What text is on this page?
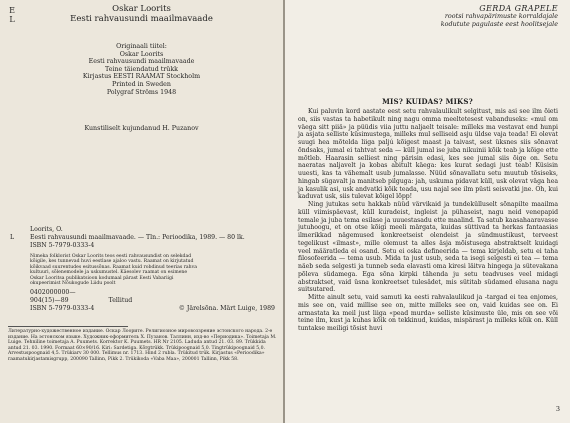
E
L
Oskar Loorits
Eesti rahvausundi maailmavaade
Originaali tiitel:
Oskar Loorits
Eesti rahvausundi maailmavaade
Teine täiendatud trükk
Kirjastus EESTI RAAMAT Stockholm
Printed in Sweden
Polygraf Ströms 1948
Kunstiliselt kujundanud H. Puzanov
Loorits, O.
L	Eesti rahvausundi maailmavaade. — Tln.: Perioodika, 1989. — 80 lk.
ISBN 5-7979-0333-4
Nimeka folklorist Oskar Loorits teos eesti rahvausundist on selekdad kõigile, kes tunnevad huvi eestlase ajaloo vastu. Raamat on kirjutatud kõikvaad suurentudes esitussõnas. Raamat kuid robdinud teerias rahva kultuuri, sõlenemodele ja uskumustel. Käesolev raamat on esimene Oskar Looritsa publikatsioon kodumaal pärast Eesti Vabariigi okupeerimist Nõukogude Liidu poolt
0402000000—
904(15)—89	Tellitud
ISBN 5-7979-0333-4	© Järelsõna. Märt Luige, 1989
Литературно-художественное издание. Оскар Лоорите. Религиозное мировоззрение эстонского народа. 2-е издание. На эстонском языке. Художник-оформитель Х. Пузанов. Таллинн, изд-во «Периодика». Toimetaja M. Luige. Tehniline toimetaja A. Puumets. Korrektor K. Puumets. HR Nr 2105. Laduda antud 21. 03. 89. Trükkida antud 21. 03. 1990. Formaat 60×90/16. Kiri: Sardetiga. Kõrgtrükk. Trükipoognaid 5,0. Tingtrükipoognaid 5,0. Arvestuspoognaid 4,5. Trükiarv 30 000. Tellimus nr. 1713. Hind 2 rubla. Trükitud trük. Kirjastus «Perioodika» raamatukirjastamisgrupp, 200090 Tallinn, Pikk 2. Trükikoda «Vaba Maa», 200001 Tallinn, Pikk 58.
GERDA GRAPELE
rootsi rahvapärimuste korraldajale
kodutute pagulaste eest hoolitsejale
MIS? KUIDAS? MIKS?

Kui paluvin kord aastate eest setu rahvalaulikult selgitust, mis asi see ilm õieti on, siis vastas ta habetikult ning nagu omma meeltetesest vabanduseks: «mul om väega sitt piiä» ja püüdis viia juttu naljaelt teisale: milleks ma vestavat end hunpi ja asjata selliste küsimustega, milleks mul selliseid asju üldse vaja teada! Ei olevat suugi hea mõtelda liiga paljú kõigest maast ja taivast, sest üksnes siis sõnavat õndsaks, jumal ei tahtvat seda — küll jumal ise juba nikuinii kõik teab ja kõige ette mõtleb. Haarasin selliest ning pärisin edasi, kes see jumal siis õige on. Setu naeratas naljavelt ja kobas abitult käega: kes kurat sedagi just teab! Küsisin uuesti, kas ta vähemalt usub jumalasse. Nüüd sõnavallatu setu muutub tõsiseks, hingab sügavalt ja manitseb pilguga: jah, uskuma pidavat küll, usk olevat väga hea ja kasulik asi, usk andvatki kõik teada, usu najal see ilm püsti seisvatki jne. Oh, kui kaduvat usk, siis tulevat kõigel lõpp!

Ning jutukas setu hakkab nüüd värvikaid ja tundekülluselt sõnapilte maailma küll viimispäevast, küll kuradeist, ingleist ja pühaseist, nagu neid venepapid temale ja juba tema esilase ja uuuestasadu ette maalind. Ta satub kaasahaaravasse jutuhoogu, et on otse kõigi meeli märgata, kuidas süttivad ta herkas fantaasias ilmerikkad nägemused konkreetseist olendeist ja sündmustikust, terveest tegelikust «ilmast», mille olemust ta alles äsja mõistusega abstraktselt kuidagi veel määratleda ei osand. Setu ei oska defineerida — tema kirjeldab, setu ei taha filosofeerida — tema usub. Mida ta just usub, seda ta isegi selgesti ei tea — tema näeb seda selgesti ja tunneb seda elavasti oma kiresi läitva hingega ja sütevakana põleva südamega. Ega sõna kirpki tähenda ju setu teadvuses veel midagi abstraktset, vaid üsna konkreetset tulesädet, mis sütitab südamed elusana nagu suitsutared.

Mitte ainult setu, vaid samuti ka eesti rahvalaulikud ja -targad ei tea enjomes, mis see on, vaid millise see on, mitte milleks see on, vaid kuidas see on. Ei armastata ka meil just liiga «pead murda» selliste küsimuste üle, mis on see või teine ilm, kust ja kuhas kõik on tekkinud, kuidas, mispärast ja milleks kõik on. Küll tuntakse meiligi tõsist huvi

3
